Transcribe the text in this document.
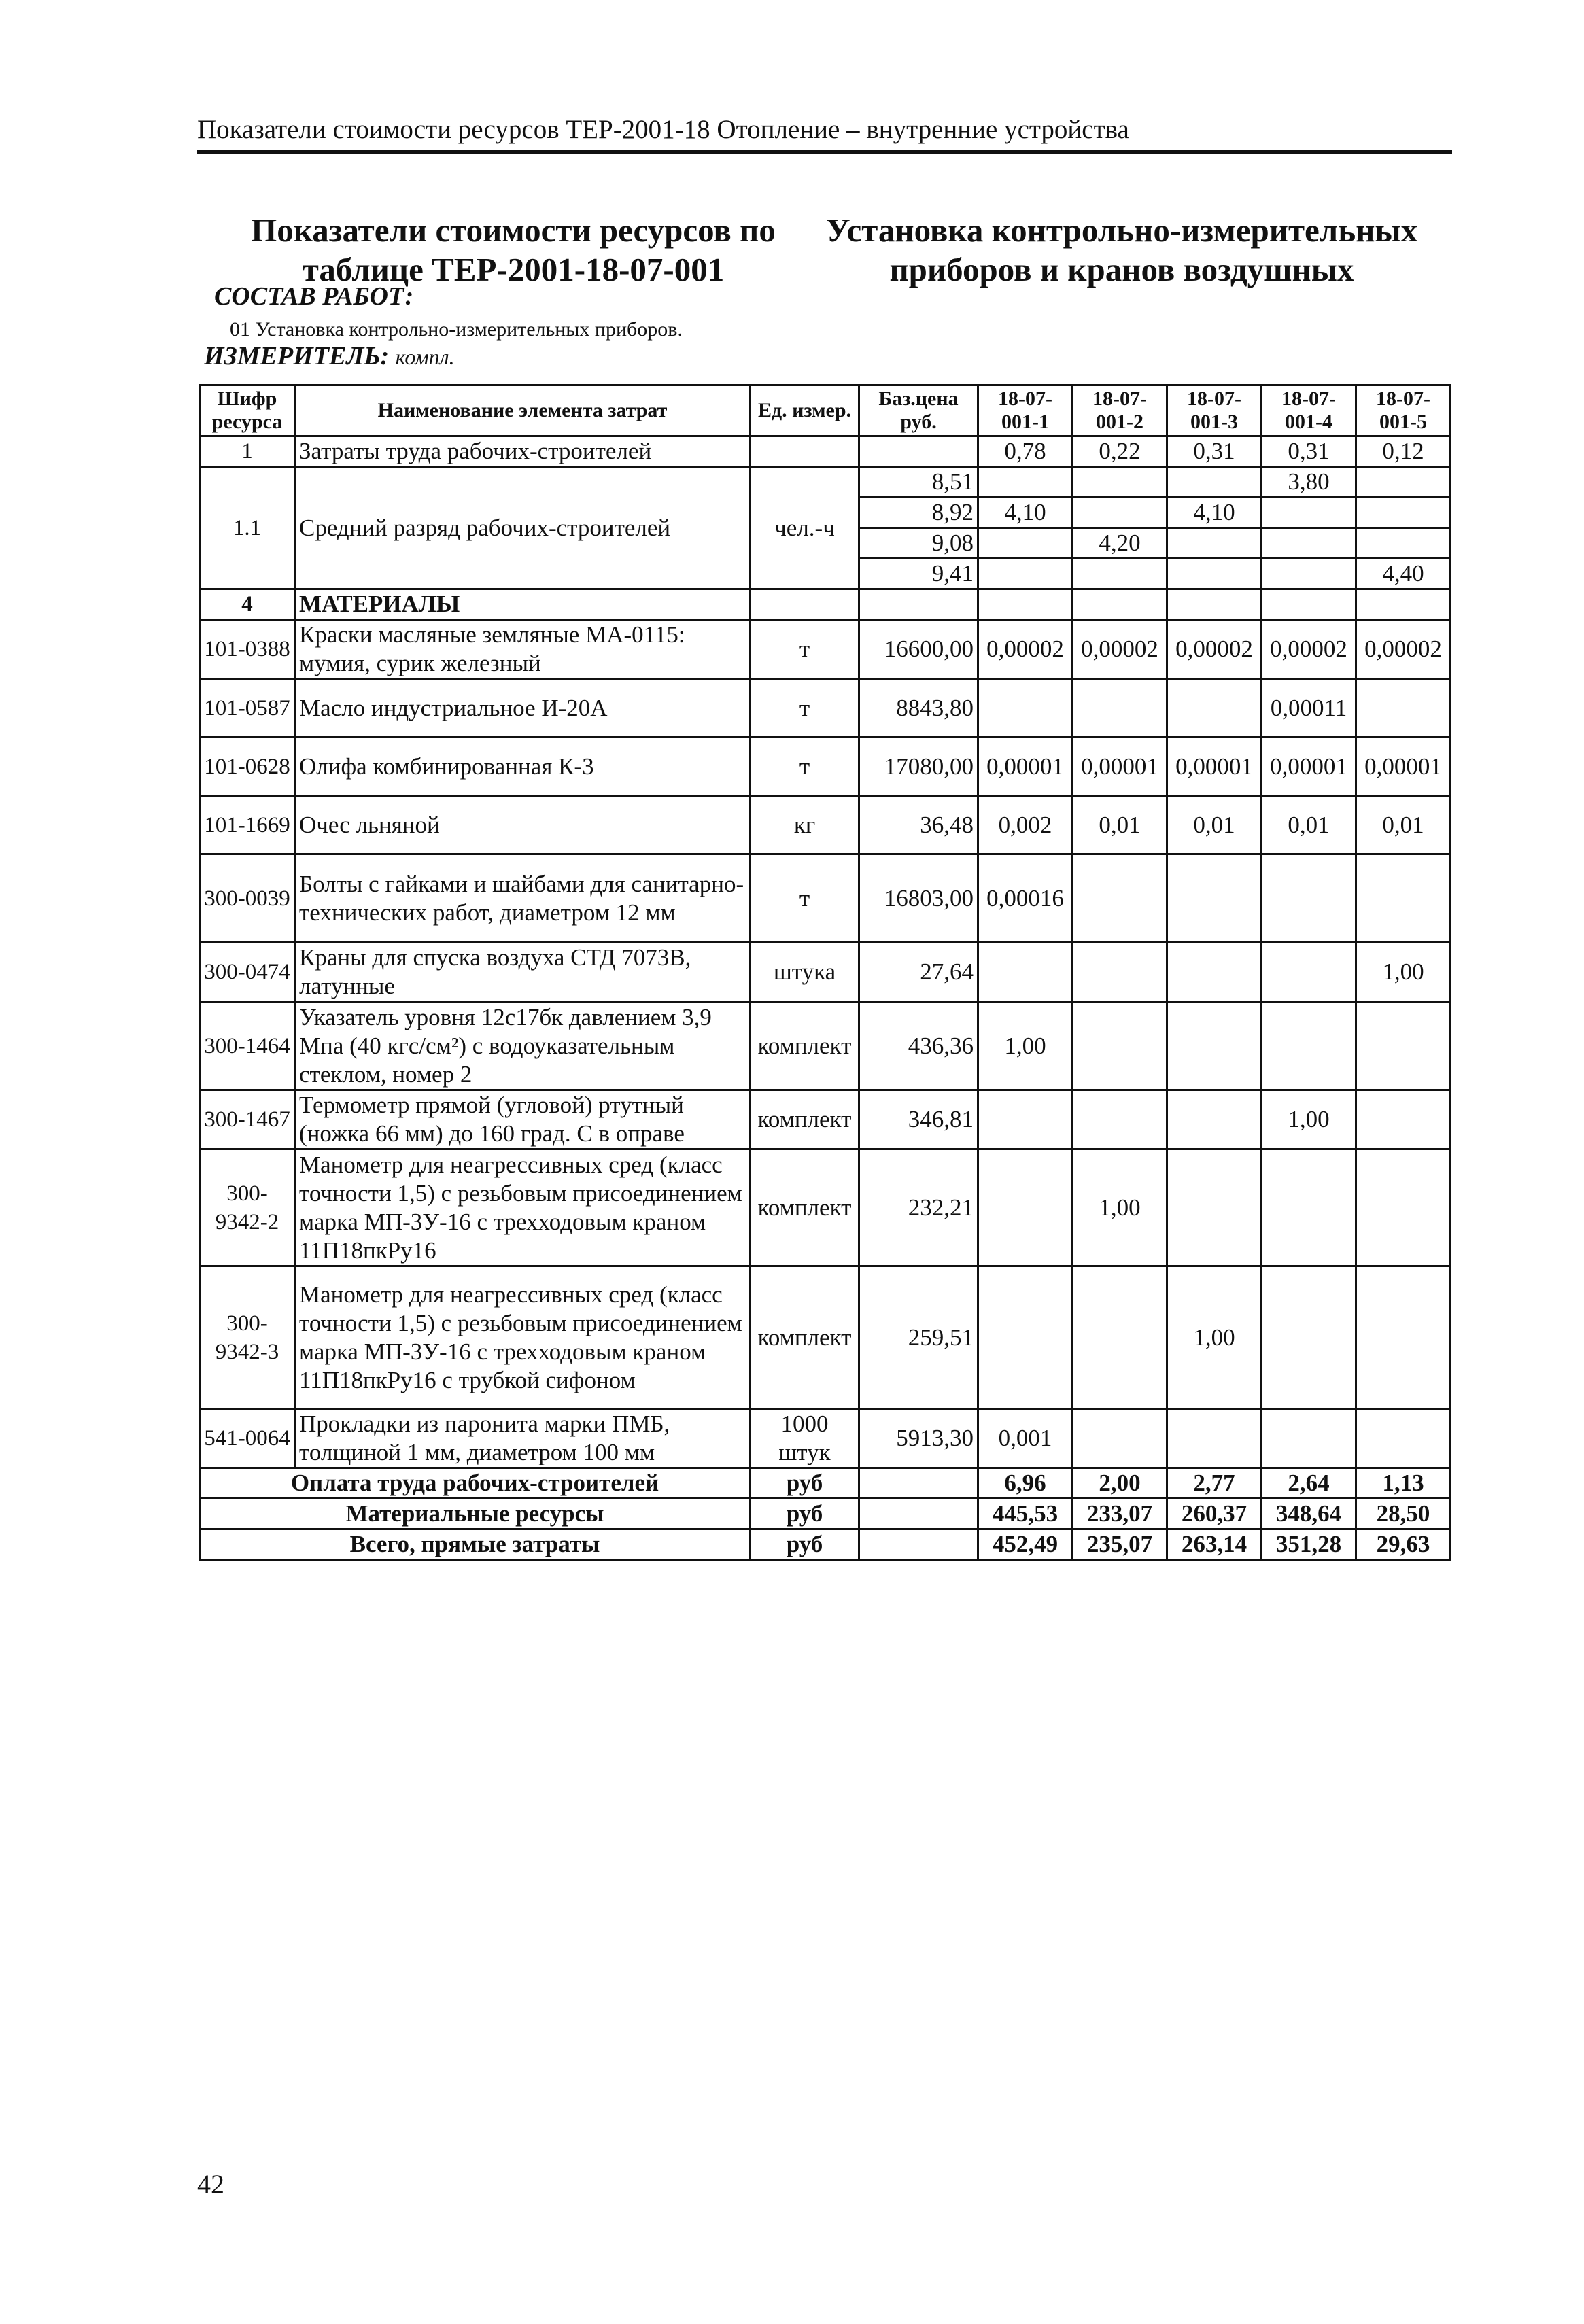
Показатели стоимости ресурсов ТЕР-2001-18 Отопление – внутренние устройства
Показатели стоимости ресурсов по таблице ТЕР-2001-18-07-001
Установка контрольно-измерительных приборов и кранов воздушных
СОСТАВ РАБОТ:
01 Установка контрольно-измерительных приборов.
ИЗМЕРИТЕЛЬ: компл.
Шифр ресурса	Наименование элемента затрат	Ед. измер.	Баз.цена руб.	18-07-001-1	18-07-001-2	18-07-001-3	18-07-001-4	18-07-001-5
1	Затраты труда рабочих-строителей			0,78	0,22	0,31	0,31	0,12
1.1	Средний разряд рабочих-строителей	чел.-ч	8,51				3,80	
			8,92	4,10		4,10		
			9,08		4,20			
			9,41					4,40
4	МАТЕРИАЛЫ							
101-0388	Краски масляные земляные МА-0115: мумия, сурик железный	т	16600,00	0,00002	0,00002	0,00002	0,00002	0,00002
101-0587	Масло индустриальное И-20А	т	8843,80				0,00011	
101-0628	Олифа комбинированная К-3	т	17080,00	0,00001	0,00001	0,00001	0,00001	0,00001
101-1669	Очес льняной	кг	36,48	0,002	0,01	0,01	0,01	0,01
300-0039	Болты с гайками и шайбами для санитарно-технических работ, диаметром 12 мм	т	16803,00	0,00016				
300-0474	Краны для спуска воздуха СТД 7073В, латунные	штука	27,64					1,00
300-1464	Указатель уровня 12с17бк давлением 3,9 Мпа (40 кгс/см²) с водоуказательным стеклом, номер 2	комплект	436,36	1,00				
300-1467	Термометр прямой (угловой) ртутный (ножка 66 мм) до 160 град. С в оправе	комплект	346,81				1,00	
300-9342-2	Манометр для неагрессивных сред (класс точности 1,5) с резьбовым присоединением марка МП-3У-16 с трехходовым краном 11П18пкРу16	комплект	232,21		1,00			
300-9342-3	Манометр для неагрессивных сред (класс точности 1,5) с резьбовым присоединением марка МП-3У-16 с трехходовым краном 11П18пкРу16 с трубкой сифоном	комплект	259,51			1,00		
541-0064	Прокладки из паронита марки ПМБ, толщиной 1 мм, диаметром 100 мм	1000 штук	5913,30	0,001				
Оплата труда рабочих-строителей		руб		6,96	2,00	2,77	2,64	1,13
Материальные ресурсы		руб		445,53	233,07	260,37	348,64	28,50
Всего, прямые затраты		руб		452,49	235,07	263,14	351,28	29,63
42
